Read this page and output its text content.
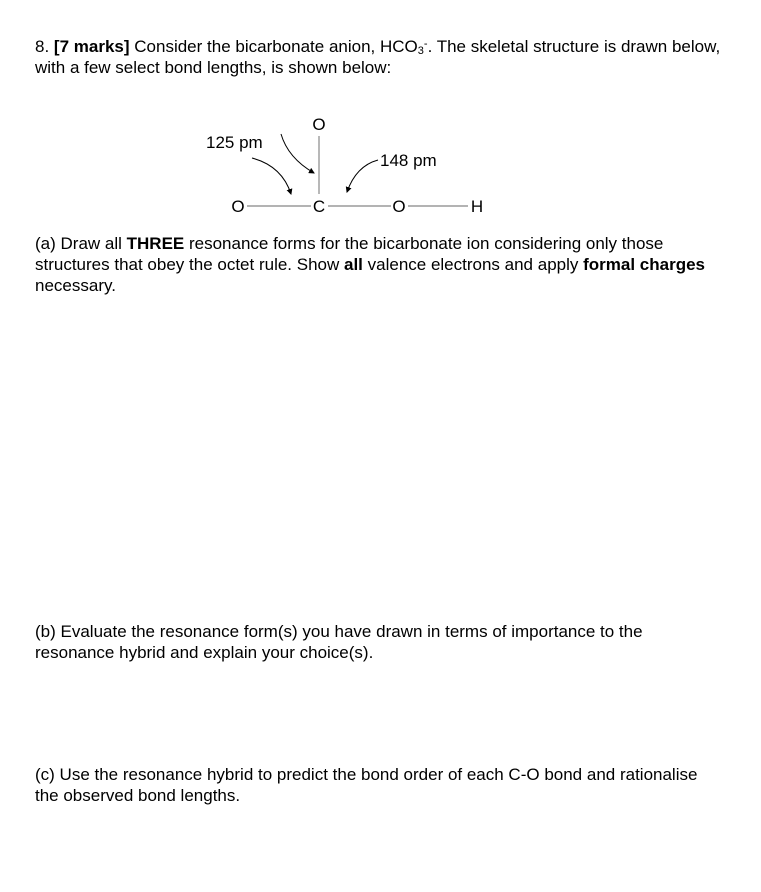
8. [7 marks] Consider the bicarbonate anion, $HCO_3^-$. The skeletal structure is drawn below, with a few select bond lengths, is shown below:
O
O	C	O	H
125 pm
148 pm
(a) Draw all THREE resonance forms for the bicarbonate ion considering only those structures that obey the octet rule. Show all valence electrons and apply formal charges necessary.
(b) Evaluate the resonance form(s) you have drawn in terms of importance to the resonance hybrid and explain your choice(s).
(c) Use the resonance hybrid to predict the bond order of each C-O bond and rationalise the observed bond lengths.
